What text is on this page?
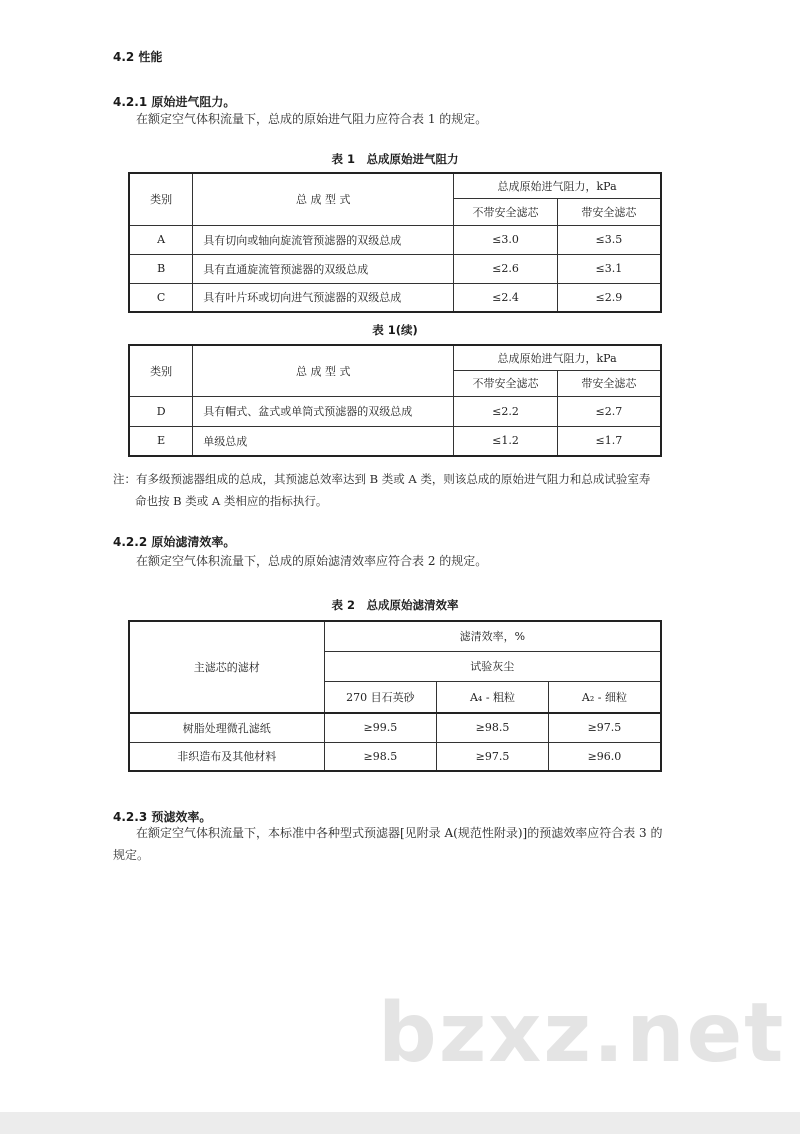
4.2 性能
4.2.1 原始进气阻力。
在额定空气体积流量下，总成的原始进气阻力应符合表 1 的规定。
表 1　总成原始进气阻力
类别	总 成 型 式	总成原始进气阻力，kPa	
		不带安全滤芯	带安全滤芯
A	具有切向或轴向旋流管预滤器的双级总成	≤3.0	≤3.5
B	具有直通旋流管预滤器的双级总成	≤2.6	≤3.1
C	具有叶片环或切向进气预滤器的双级总成	≤2.4	≤2.9
表 1(续)
类别	总 成 型 式	总成原始进气阻力，kPa	
		不带安全滤芯	带安全滤芯
D	具有帽式、盆式或单筒式预滤器的双级总成	≤2.2	≤2.7
E	单级总成	≤1.2	≤1.7
注：有多级预滤器组成的总成，其预滤总效率达到 B 类或 A 类，则该总成的原始进气阻力和总成试验室寿
命也按 B 类或 A 类相应的指标执行。
4.2.2 原始滤清效率。
在额定空气体积流量下，总成的原始滤清效率应符合表 2 的规定。
表 2　总成原始滤清效率
主滤芯的滤材	滤清效率，%		
	试验灰尘		
	270 目石英砂	A₄ - 粗粒	A₂ - 细粒
树脂处理微孔滤纸	≥99.5	≥98.5	≥97.5
非织造布及其他材料	≥98.5	≥97.5	≥96.0
4.2.3 预滤效率。
在额定空气体积流量下，本标准中各种型式预滤器[见附录 A(规范性附录)]的预滤效率应符合表 3 的
规定。
bzxz.net
